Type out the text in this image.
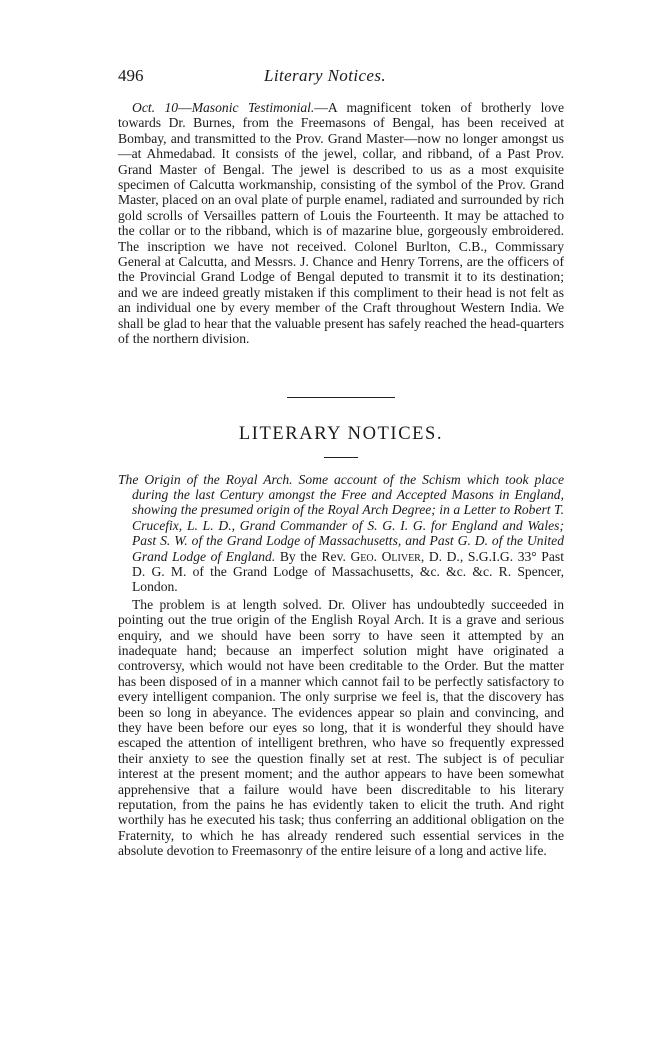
496	Literary Notices.

Oct. 10—Masonic Testimonial.—A magnificent token of brotherly love towards Dr. Burnes, from the Freemasons of Bengal, has been received at Bombay, and transmitted to the Prov. Grand Master—now no longer amongst us—at Ahmedabad. It consists of the jewel, collar, and ribband, of a Past Prov. Grand Master of Bengal. The jewel is described to us as a most exquisite specimen of Calcutta workmanship, consisting of the symbol of the Prov. Grand Master, placed on an oval plate of purple enamel, radiated and surrounded by rich gold scrolls of Versailles pattern of Louis the Fourteenth. It may be attached to the collar or to the ribband, which is of mazarine blue, gorgeously embroidered. The inscription we have not received. Colonel Burlton, C.B., Commissary General at Calcutta, and Messrs. J. Chance and Henry Torrens, are the officers of the Provincial Grand Lodge of Bengal deputed to transmit it to its destination; and we are indeed greatly mistaken if this compliment to their head is not felt as an individual one by every member of the Craft throughout Western India. We shall be glad to hear that the valuable present has safely reached the head-quarters of the northern division.

LITERARY NOTICES.

The Origin of the Royal Arch. Some account of the Schism which took place during the last Century amongst the Free and Accepted Masons in England, showing the presumed origin of the Royal Arch Degree; in a Letter to Robert T. Crucefix, L. L. D., Grand Commander of S. G. I. G. for England and Wales; Past S. W. of the Grand Lodge of Massachusetts, and Past G. D. of the United Grand Lodge of England. By the Rev. Geo. Oliver, D. D., S.G.I.G. 33° Past D. G. M. of the Grand Lodge of Massachusetts, &c. &c. &c. R. Spencer, London.

The problem is at length solved. Dr. Oliver has undoubtedly succeeded in pointing out the true origin of the English Royal Arch. It is a grave and serious enquiry, and we should have been sorry to have seen it attempted by an inadequate hand; because an imperfect solution might have originated a controversy, which would not have been creditable to the Order. But the matter has been disposed of in a manner which cannot fail to be perfectly satisfactory to every intelligent companion. The only surprise we feel is, that the discovery has been so long in abeyance. The evidences appear so plain and convincing, and they have been before our eyes so long, that it is wonderful they should have escaped the attention of intelligent brethren, who have so frequently expressed their anxiety to see the question finally set at rest. The subject is of peculiar interest at the present moment; and the author appears to have been somewhat apprehensive that a failure would have been discreditable to his literary reputation, from the pains he has evidently taken to elicit the truth. And right worthily has he executed his task; thus conferring an additional obligation on the Fraternity, to which he has already rendered such essential services in the absolute devotion to Freemasonry of the entire leisure of a long and active life.
